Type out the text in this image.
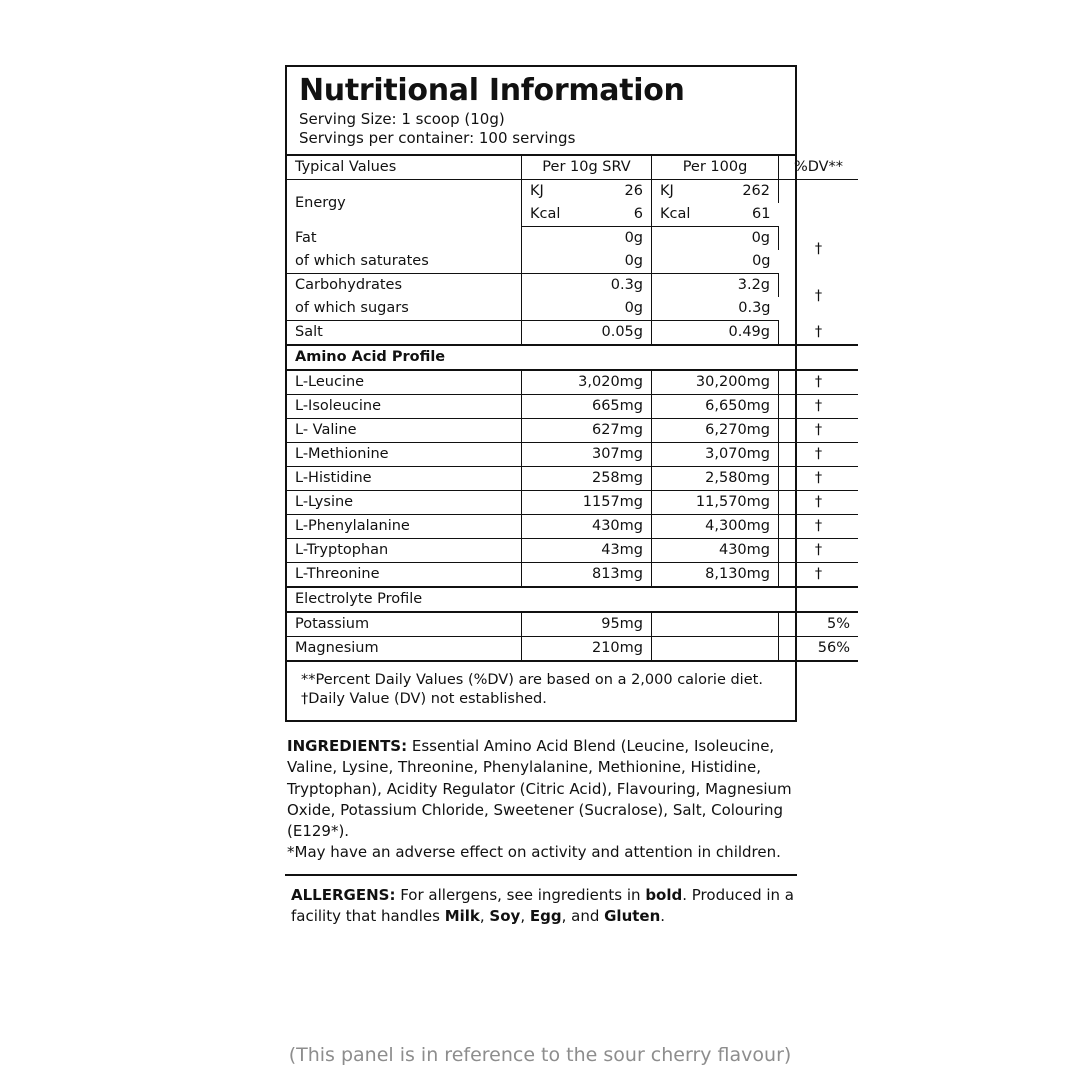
Nutritional Information
Serving Size: 1 scoop (10g)
Servings per container: 100 servings
Typical Values	Per 10g SRV	Per 100g	%DV**
Energy	KJ 26	KJ 262	

	Kcal 6	Kcal 61	

Fat	0g	0g	†
of which saturates	0g	0g	
Carbohydrates	0.3g	3.2g	†
of which sugars	0g	0.3g	
Salt	0.05g	0.49g	†
Amino Acid Profile			
L-Leucine	3,020mg	30,200mg	†
L-Isoleucine	665mg	6,650mg	†
L- Valine	627mg	6,270mg	†
L-Methionine	307mg	3,070mg	†
L-Histidine	258mg	2,580mg	†
L-Lysine	1157mg	11,570mg	†
L-Phenylalanine	430mg	4,300mg	†
L-Tryptophan	43mg	430mg	†
L-Threonine	813mg	8,130mg	†
Electrolyte Profile			
Potassium	95mg		5%
Magnesium	210mg		56%
**Percent Daily Values (%DV) are based on a 2,000 calorie diet.
†Daily Value (DV) not established.
INGREDIENTS: Essential Amino Acid Blend (Leucine, Isoleucine, Valine, Lysine, Threonine, Phenylalanine, Methionine, Histidine, Tryptophan), Acidity Regulator (Citric Acid), Flavouring, Magnesium Oxide, Potassium Chloride, Sweetener (Sucralose), Salt, Colouring (E129*).
*May have an adverse effect on activity and attention in children.
ALLERGENS: For allergens, see ingredients in bold. Produced in a facility that handles Milk, Soy, Egg, and Gluten.
(This panel is in reference to the sour cherry flavour)
